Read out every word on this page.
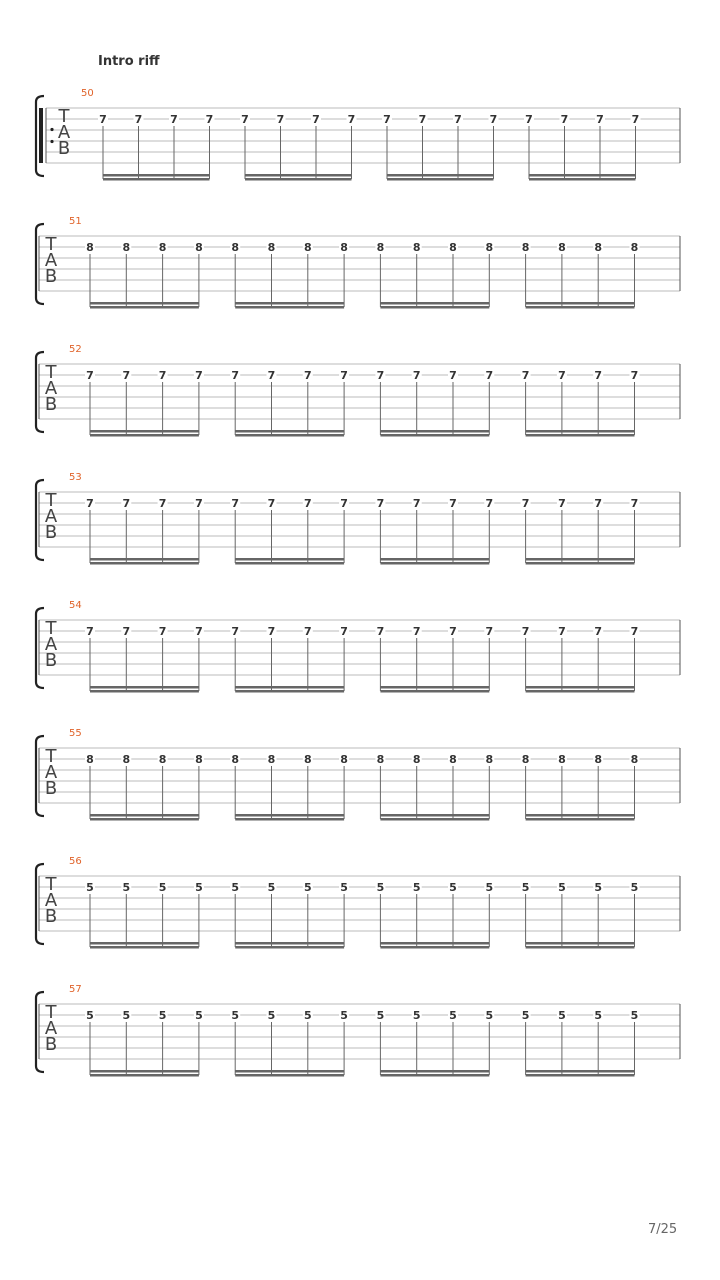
Intro riff
T
A
B
50
7	7	7	7	7	7	7	7	7	7	7	7	7	7	7	7
T
A
B
51
8	8	8	8	8	8	8	8	8	8	8	8	8	8	8	8
T
A
B
52
7	7	7	7	7	7	7	7	7	7	7	7	7	7	7	7
T
A
B
53
7	7	7	7	7	7	7	7	7	7	7	7	7	7	7	7
T
A
B
54
7	7	7	7	7	7	7	7	7	7	7	7	7	7	7	7
T
A
B
55
8	8	8	8	8	8	8	8	8	8	8	8	8	8	8	8
T
A
B
56
5	5	5	5	5	5	5	5	5	5	5	5	5	5	5	5
T
A
B
57
5	5	5	5	5	5	5	5	5	5	5	5	5	5	5	5
7/25
